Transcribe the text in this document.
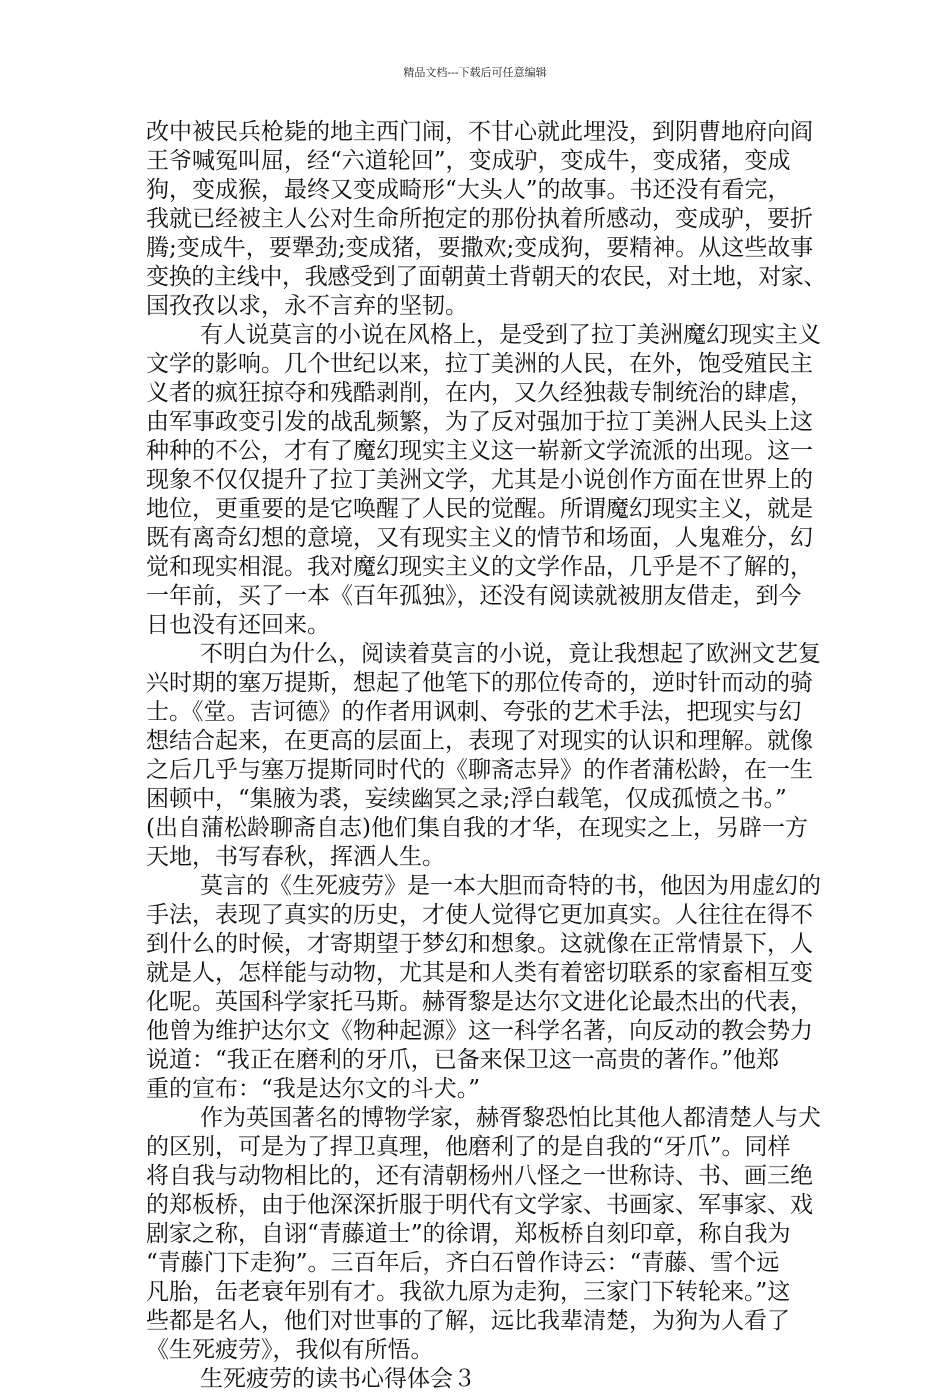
精品文档---下载后可任意编辑
改中被民兵枪毙的地主西门闹，不甘心就此埋没，到阴曹地府向阎
王爷喊冤叫屈，经“六道轮回”，变成驴，变成牛，变成猪，变成
狗，变成猴，最终又变成畸形“大头人”的故事。书还没有看完，
我就已经被主人公对生命所抱定的那份执着所感动，变成驴，要折
腾;变成牛，要犟劲;变成猪，要撒欢;变成狗，要精神。从这些故事
变换的主线中，我感受到了面朝黄土背朝天的农民，对土地，对家、
国孜孜以求，永不言弃的坚韧。
有人说莫言的小说在风格上，是受到了拉丁美洲魔幻现实主义
文学的影响。几个世纪以来，拉丁美洲的人民，在外，饱受殖民主
义者的疯狂掠夺和残酷剥削，在内，又久经独裁专制统治的肆虐，
由军事政变引发的战乱频繁，为了反对强加于拉丁美洲人民头上这
种种的不公，才有了魔幻现实主义这一崭新文学流派的出现。这一
现象不仅仅提升了拉丁美洲文学，尤其是小说创作方面在世界上的
地位，更重要的是它唤醒了人民的觉醒。所谓魔幻现实主义，就是
既有离奇幻想的意境，又有现实主义的情节和场面，人鬼难分，幻
觉和现实相混。我对魔幻现实主义的文学作品，几乎是不了解的，
一年前，买了一本《百年孤独》，还没有阅读就被朋友借走，到今
日也没有还回来。
不明白为什么，阅读着莫言的小说，竟让我想起了欧洲文艺复
兴时期的塞万提斯，想起了他笔下的那位传奇的，逆时针而动的骑
士。《堂。吉诃德》的作者用讽刺、夸张的艺术手法，把现实与幻
想结合起来，在更高的层面上，表现了对现实的认识和理解。就像
之后几乎与塞万提斯同时代的《聊斋志异》的作者蒲松龄，在一生
困顿中，“集腋为裘，妄续幽冥之录;浮白载笔，仅成孤愤之书。”
(出自蒲松龄聊斋自志)他们集自我的才华，在现实之上，另辟一方
天地，书写春秋，挥洒人生。
莫言的《生死疲劳》是一本大胆而奇特的书，他因为用虚幻的
手法，表现了真实的历史，才使人觉得它更加真实。人往往在得不
到什么的时候，才寄期望于梦幻和想象。这就像在正常情景下，人
就是人，怎样能与动物，尤其是和人类有着密切联系的家畜相互变
化呢。英国科学家托马斯。赫胥黎是达尔文进化论最杰出的代表，
他曾为维护达尔文《物种起源》这一科学名著，向反动的教会势力
说道：“我正在磨利的牙爪，已备来保卫这一高贵的著作。”他郑
重的宣布：“我是达尔文的斗犬。”
作为英国著名的博物学家，赫胥黎恐怕比其他人都清楚人与犬
的区别，可是为了捍卫真理，他磨利了的是自我的“牙爪”。同样
将自我与动物相比的，还有清朝杨州八怪之一世称诗、书、画三绝
的郑板桥，由于他深深折服于明代有文学家、书画家、军事家、戏
剧家之称，自诩“青藤道士”的徐谓，郑板桥自刻印章，称自我为
“青藤门下走狗”。三百年后，齐白石曾作诗云：“青藤、雪个远
凡胎，缶老衰年别有才。我欲九原为走狗，三家门下转轮来。”这
些都是名人，他们对世事的了解，远比我辈清楚，为狗为人看了
《生死疲劳》，我似有所悟。
生死疲劳的读书心得体会３
